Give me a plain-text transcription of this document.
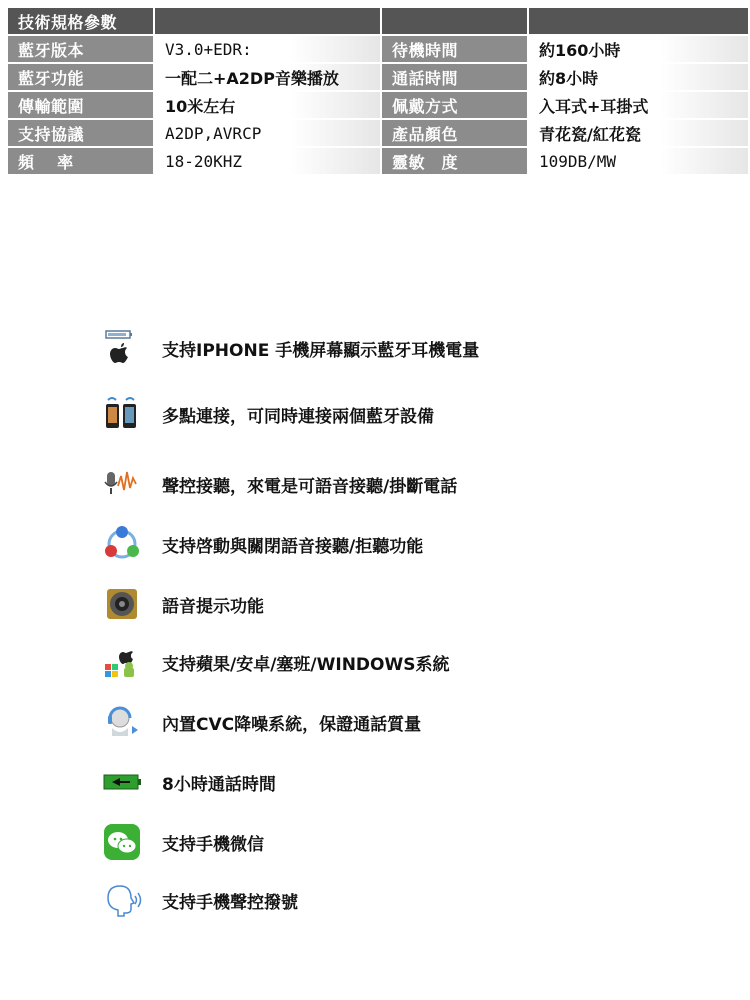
技術規格參數			
藍牙版本	V3.0+EDR:	待機時間	約160小時
藍牙功能	一配二+A2DP音樂播放	通話時間	約8小時
傳輸範圍	10米左右	佩戴方式	入耳式+耳掛式
支持協議	A2DP,AVRCP	產品顏色	青花瓷/紅花瓷
頻　 率	18-20KHZ	靈敏　度	109DB/MW
支持IPHONE 手機屏幕顯示藍牙耳機電量
多點連接，可同時連接兩個藍牙設備
聲控接聽，來電是可語音接聽/掛斷電話
支持啓動與關閉語音接聽/拒聽功能
語音提示功能
支持蘋果/安卓/塞班/WINDOWS系統
內置CVC降噪系統，保證通話質量
8小時通話時間
支持手機微信
支持手機聲控撥號
